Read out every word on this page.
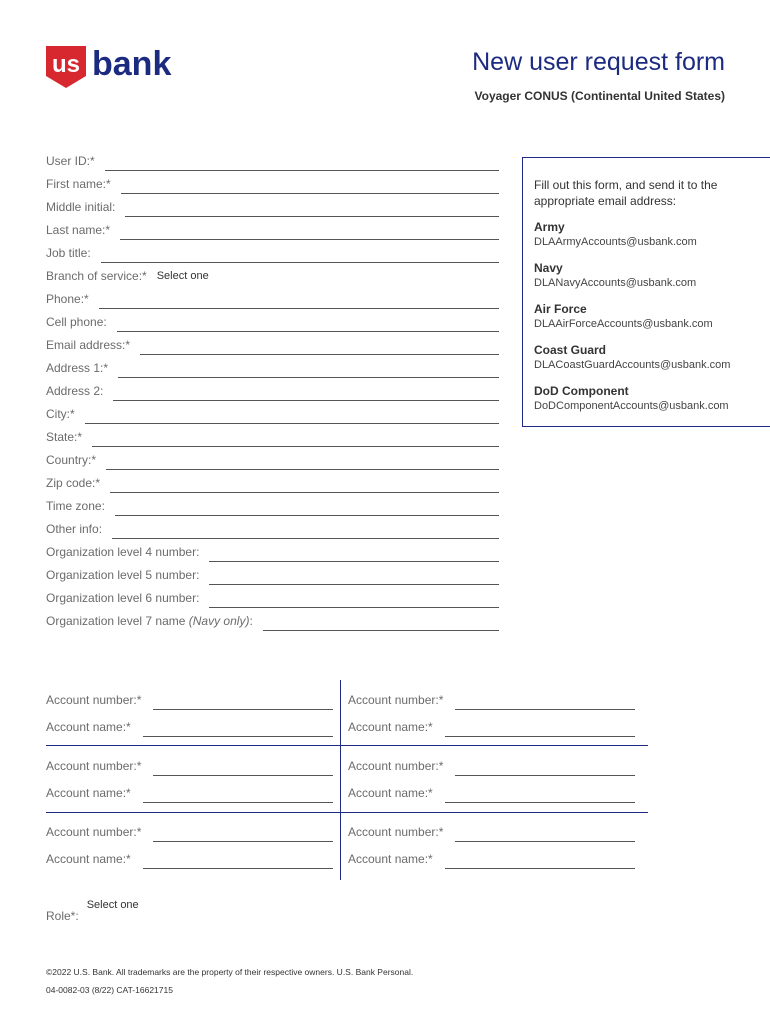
us bank	New user request form
Voyager CONUS (Continental United States)
User ID:*
First name:*
Middle initial:
Last name:*
Job title:
Branch of service:* Select one
Phone:*
Cell phone:
Email address:*
Address 1:*
Address 2:
City:*
State:*
Country:*
Zip code:*
Time zone:
Other info:
Organization level 4 number:
Organization level 5 number:
Organization level 6 number:
Organization level 7 name (Navy only):
Fill out this form, and send it to the appropriate email address:
Army
DLAArmyAccounts@usbank.com
Navy
DLANavyAccounts@usbank.com
Air Force
DLAAirForceAccounts@usbank.com
Coast Guard
DLACoastGuardAccounts@usbank.com
DoD Component
DoDComponentAccounts@usbank.com
Account number:*	Account number:*
Account name:*	Account name:*
Account number:*	Account number:*
Account name:*	Account name:*
Account number:*	Account number:*
Account name:*	Account name:*
Role*:
Select one
©2022 U.S. Bank. All trademarks are the property of their respective owners. U.S. Bank Personal.
04-0082-03 (8/22) CAT-16621715
